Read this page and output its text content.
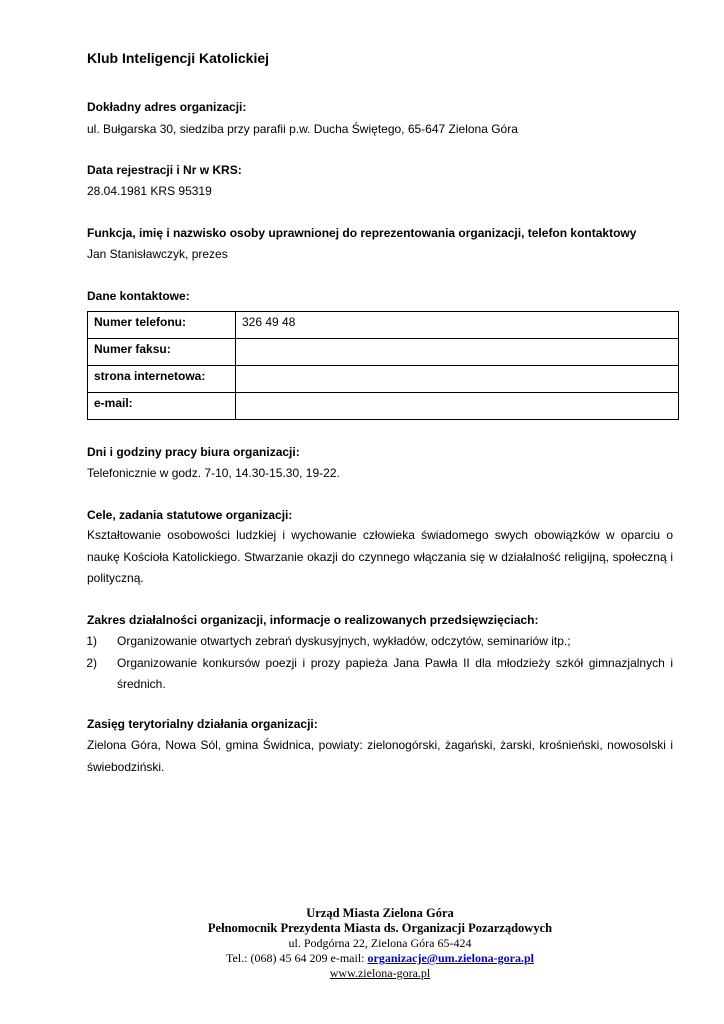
Klub Inteligencji Katolickiej
Dokładny adres organizacji:
ul. Bułgarska 30, siedziba przy parafii p.w. Ducha Świętego, 65-647 Zielona Góra
Data rejestracji i Nr w KRS:
28.04.1981 KRS 95319
Funkcja, imię i nazwisko osoby uprawnionej do reprezentowania organizacji, telefon kontaktowy
Jan Stanisławczyk, prezes
Dane kontaktowe:
Numer telefonu:	326 49 48
Numer faksu:	
strona internetowa:	
e-mail:	
Dni i godziny pracy biura organizacji:
Telefonicznie w godz. 7-10, 14.30-15.30, 19-22.
Cele, zadania statutowe organizacji:
Kształtowanie osobowości ludzkiej i wychowanie człowieka świadomego swych obowiązków w oparciu o naukę Kościoła Katolickiego. Stwarzanie okazji do czynnego włączania się w działalność religijną, społeczną i polityczną.
Zakres działalności organizacji, informacje o realizowanych przedsięwzięciach:
1) Organizowanie otwartych zebrań dyskusyjnych, wykładów, odczytów, seminariów itp.;
2) Organizowanie konkursów poezji i prozy papieża Jana Pawła II dla młodzieży szkół gimnazjalnych i średnich.
Zasięg terytorialny działania organizacji:
Zielona Góra, Nowa Sól, gmina Świdnica, powiaty: zielonogórski, żagański, żarski, krośnieński, nowosolski i świebodziński.
Urząd Miasta Zielona Góra
Pełnomocnik Prezydenta Miasta ds. Organizacji Pozarządowych
ul. Podgórna 22, Zielona Góra 65-424
Tel.: (068) 45 64 209 e-mail: organizacje@um.zielona-gora.pl
www.zielona-gora.pl
